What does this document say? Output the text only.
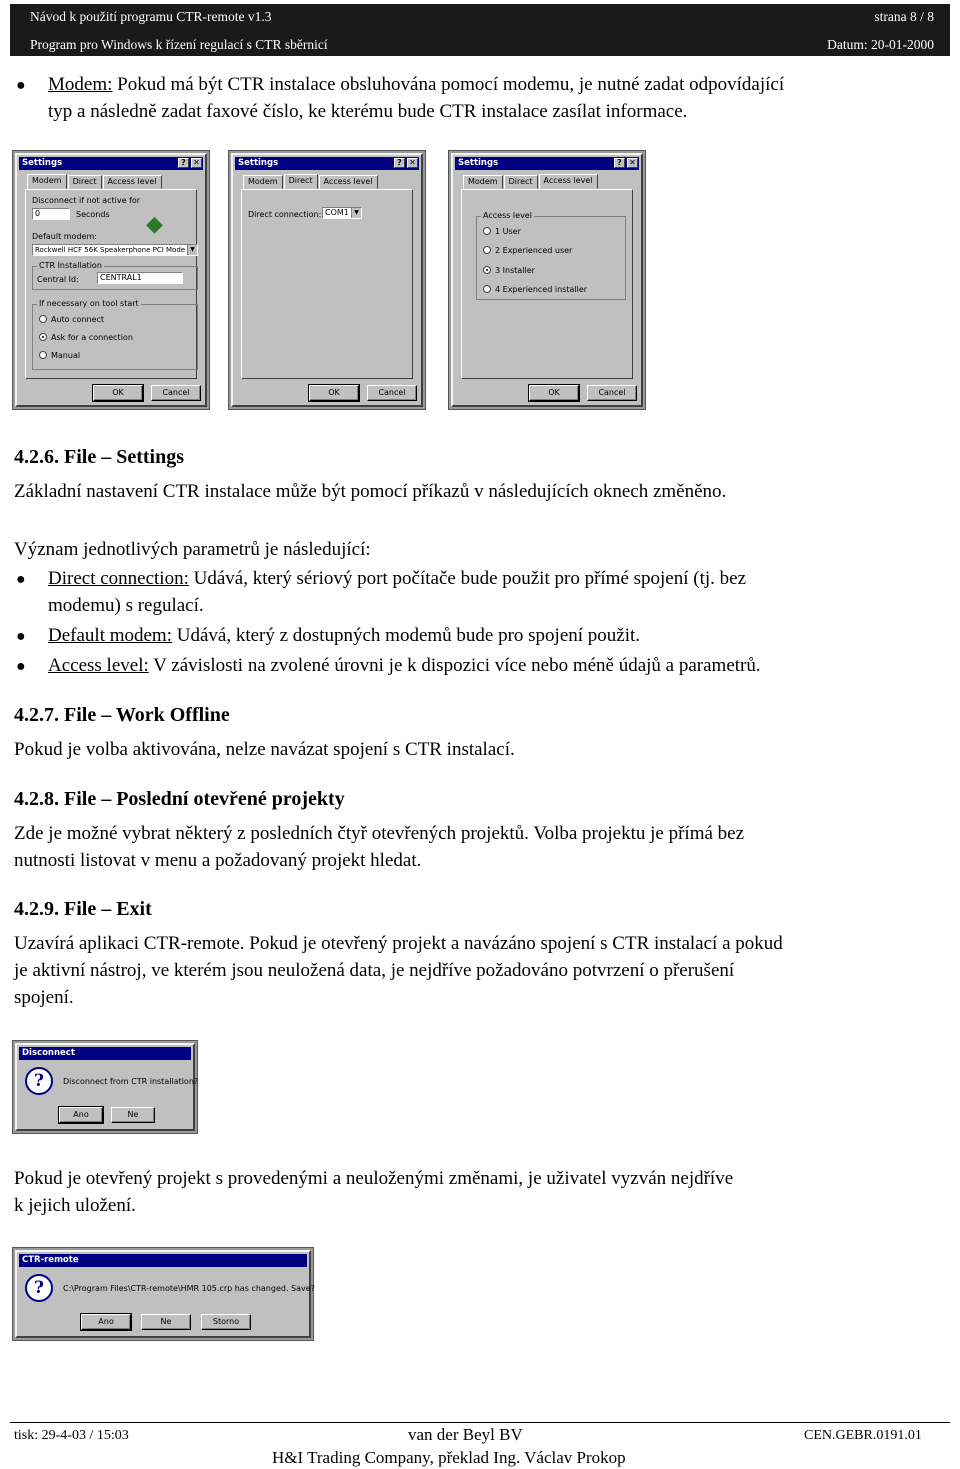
Návod k použití programu CTR-remote v1.3	strana 8 / 8
Program pro Windows k řízení regulací s CTR sběrnicí	Datum: 20-01-2000
● Modem: Pokud má být CTR instalace obsluhována pomocí modemu, je nutné zadat odpovídající
typ a následně zadat faxové číslo, ke kterému bude CTR instalace zasílat informace.
Settings	? ✕
Modem	Direct	Access level
Disconnect if not active for
0	Seconds ◆
Default modem:
Rockwell HCF 56K Speakerphone PCI Mode ▼
CTR Installation
Central Id:	CENTRAL1
If necessary on tool start
Auto connect
Ask for a connection
Manual
OK	Cancel
Settings	? ✕
Modem	Direct	Access level
Direct connection: COM1 ▼
OK	Cancel
Settings	? ✕
Modem	Direct	Access level
Access level
1 User
2 Experienced user
3 Installer
4 Experienced installer
OK	Cancel
4.2.6. File – Settings
Základní nastavení CTR instalace může být pomocí příkazů v následujících oknech změněno.
Význam jednotlivých parametrů je následující:
● Direct connection: Udává, který sériový port počítače bude použit pro přímé spojení (tj. bez
modemu) s regulací.
● Default modem: Udává, který z dostupných modemů bude pro spojení použit.
● Access level: V závislosti na zvolené úrovni je k dispozici více nebo méně údajů a parametrů.
4.2.7. File – Work Offline
Pokud je volba aktivována, nelze navázat spojení s CTR instalací.
4.2.8. File – Poslední otevřené projekty
Zde je možné vybrat některý z posledních čtyř otevřených projektů. Volba projektu je přímá bez
nutnosti listovat v menu a požadovaný projekt hledat.
4.2.9. File – Exit
Uzavírá aplikaci CTR-remote. Pokud je otevřený projekt a navázáno spojení s CTR instalací a pokud
je aktivní nástroj, ve kterém jsou neuložená data, je nejdříve požadováno potvrzení o přerušení
spojení.
Disconnect
?	Disconnect from CTR installation?
Ano	Ne
Pokud je otevřený projekt s provedenými a neuloženými změnami, je uživatel vyzván nejdříve
k jejich uložení.
CTR-remote
?	C:\Program Files\CTR-remote\HMR 105.crp has changed. Save?
Ano	Ne	Storno
tisk: 29-4-03 / 15:03	van der Beyl BV	CEN.GEBR.0191.01
H&I Trading Company, překlad Ing. Václav Prokop
